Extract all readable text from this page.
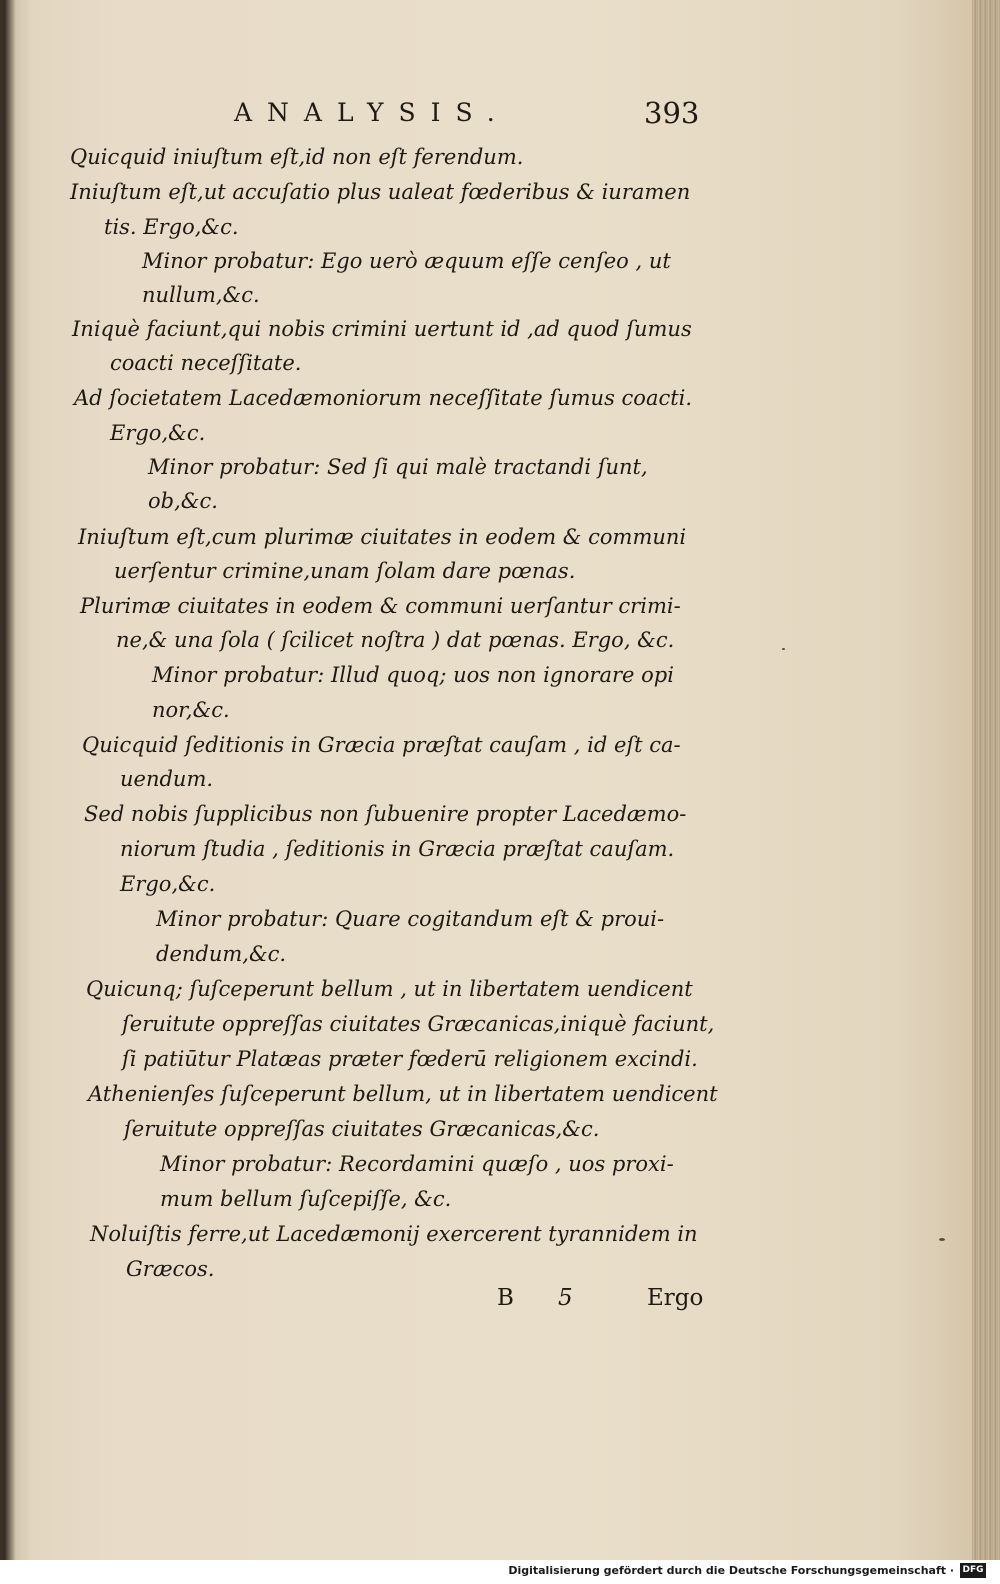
ANALYSIS.	393
Quicquid iniuſtum eſt,id non eſt ferendum.
Iniuſtum eſt,ut accuſatio plus ualeat fœderibus & iuramen
tis. Ergo,&c.
Minor probatur: Ego uerò æquum eſſe cenſeo , ut
nullum,&c.
Iniquè faciunt,qui nobis crimini uertunt id ,ad quod ſumus
coacti neceſſitate.
Ad ſocietatem Lacedæmoniorum neceſſitate ſumus coacti.
Ergo,&c.
Minor probatur: Sed ſi qui malè tractandi ſunt,
ob,&c.
Iniuſtum eſt,cum plurimæ ciuitates in eodem & communi
uerſentur crimine,unam ſolam dare pœnas.
Plurimæ ciuitates in eodem & communi uerſantur crimi-
ne,& una ſola ( ſcilicet noſtra ) dat pœnas. Ergo, &c.
Minor probatur: Illud quoq; uos non ignorare opi
nor,&c.
Quicquid ſeditionis in Græcia præſtat cauſam , id eſt ca-
uendum.
Sed nobis ſupplicibus non ſubuenire propter Lacedæmo-
niorum ſtudia , ſeditionis in Græcia præſtat cauſam.
Ergo,&c.
Minor probatur: Quare cogitandum eſt & proui-
dendum,&c.
Quicunq; ſuſceperunt bellum , ut in libertatem uendicent
ſeruitute oppreſſas ciuitates Græcanicas,iniquè faciunt,
ſi patiūtur Platæas præter fœderū religionem excindi.
Athenienſes ſuſceperunt bellum, ut in libertatem uendicent
ſeruitute oppreſſas ciuitates Græcanicas,&c.
Minor probatur: Recordamini quæſo , uos proxi-
mum bellum ſuſcepiſſe, &c.
Noluiſtis ferre,ut Lacedæmonij exercerent tyrannidem in
Græcos.
B 5	Ergo
Digitalisierung gefördert durch die Deutsche Forschungsgemeinschaft · DFG
